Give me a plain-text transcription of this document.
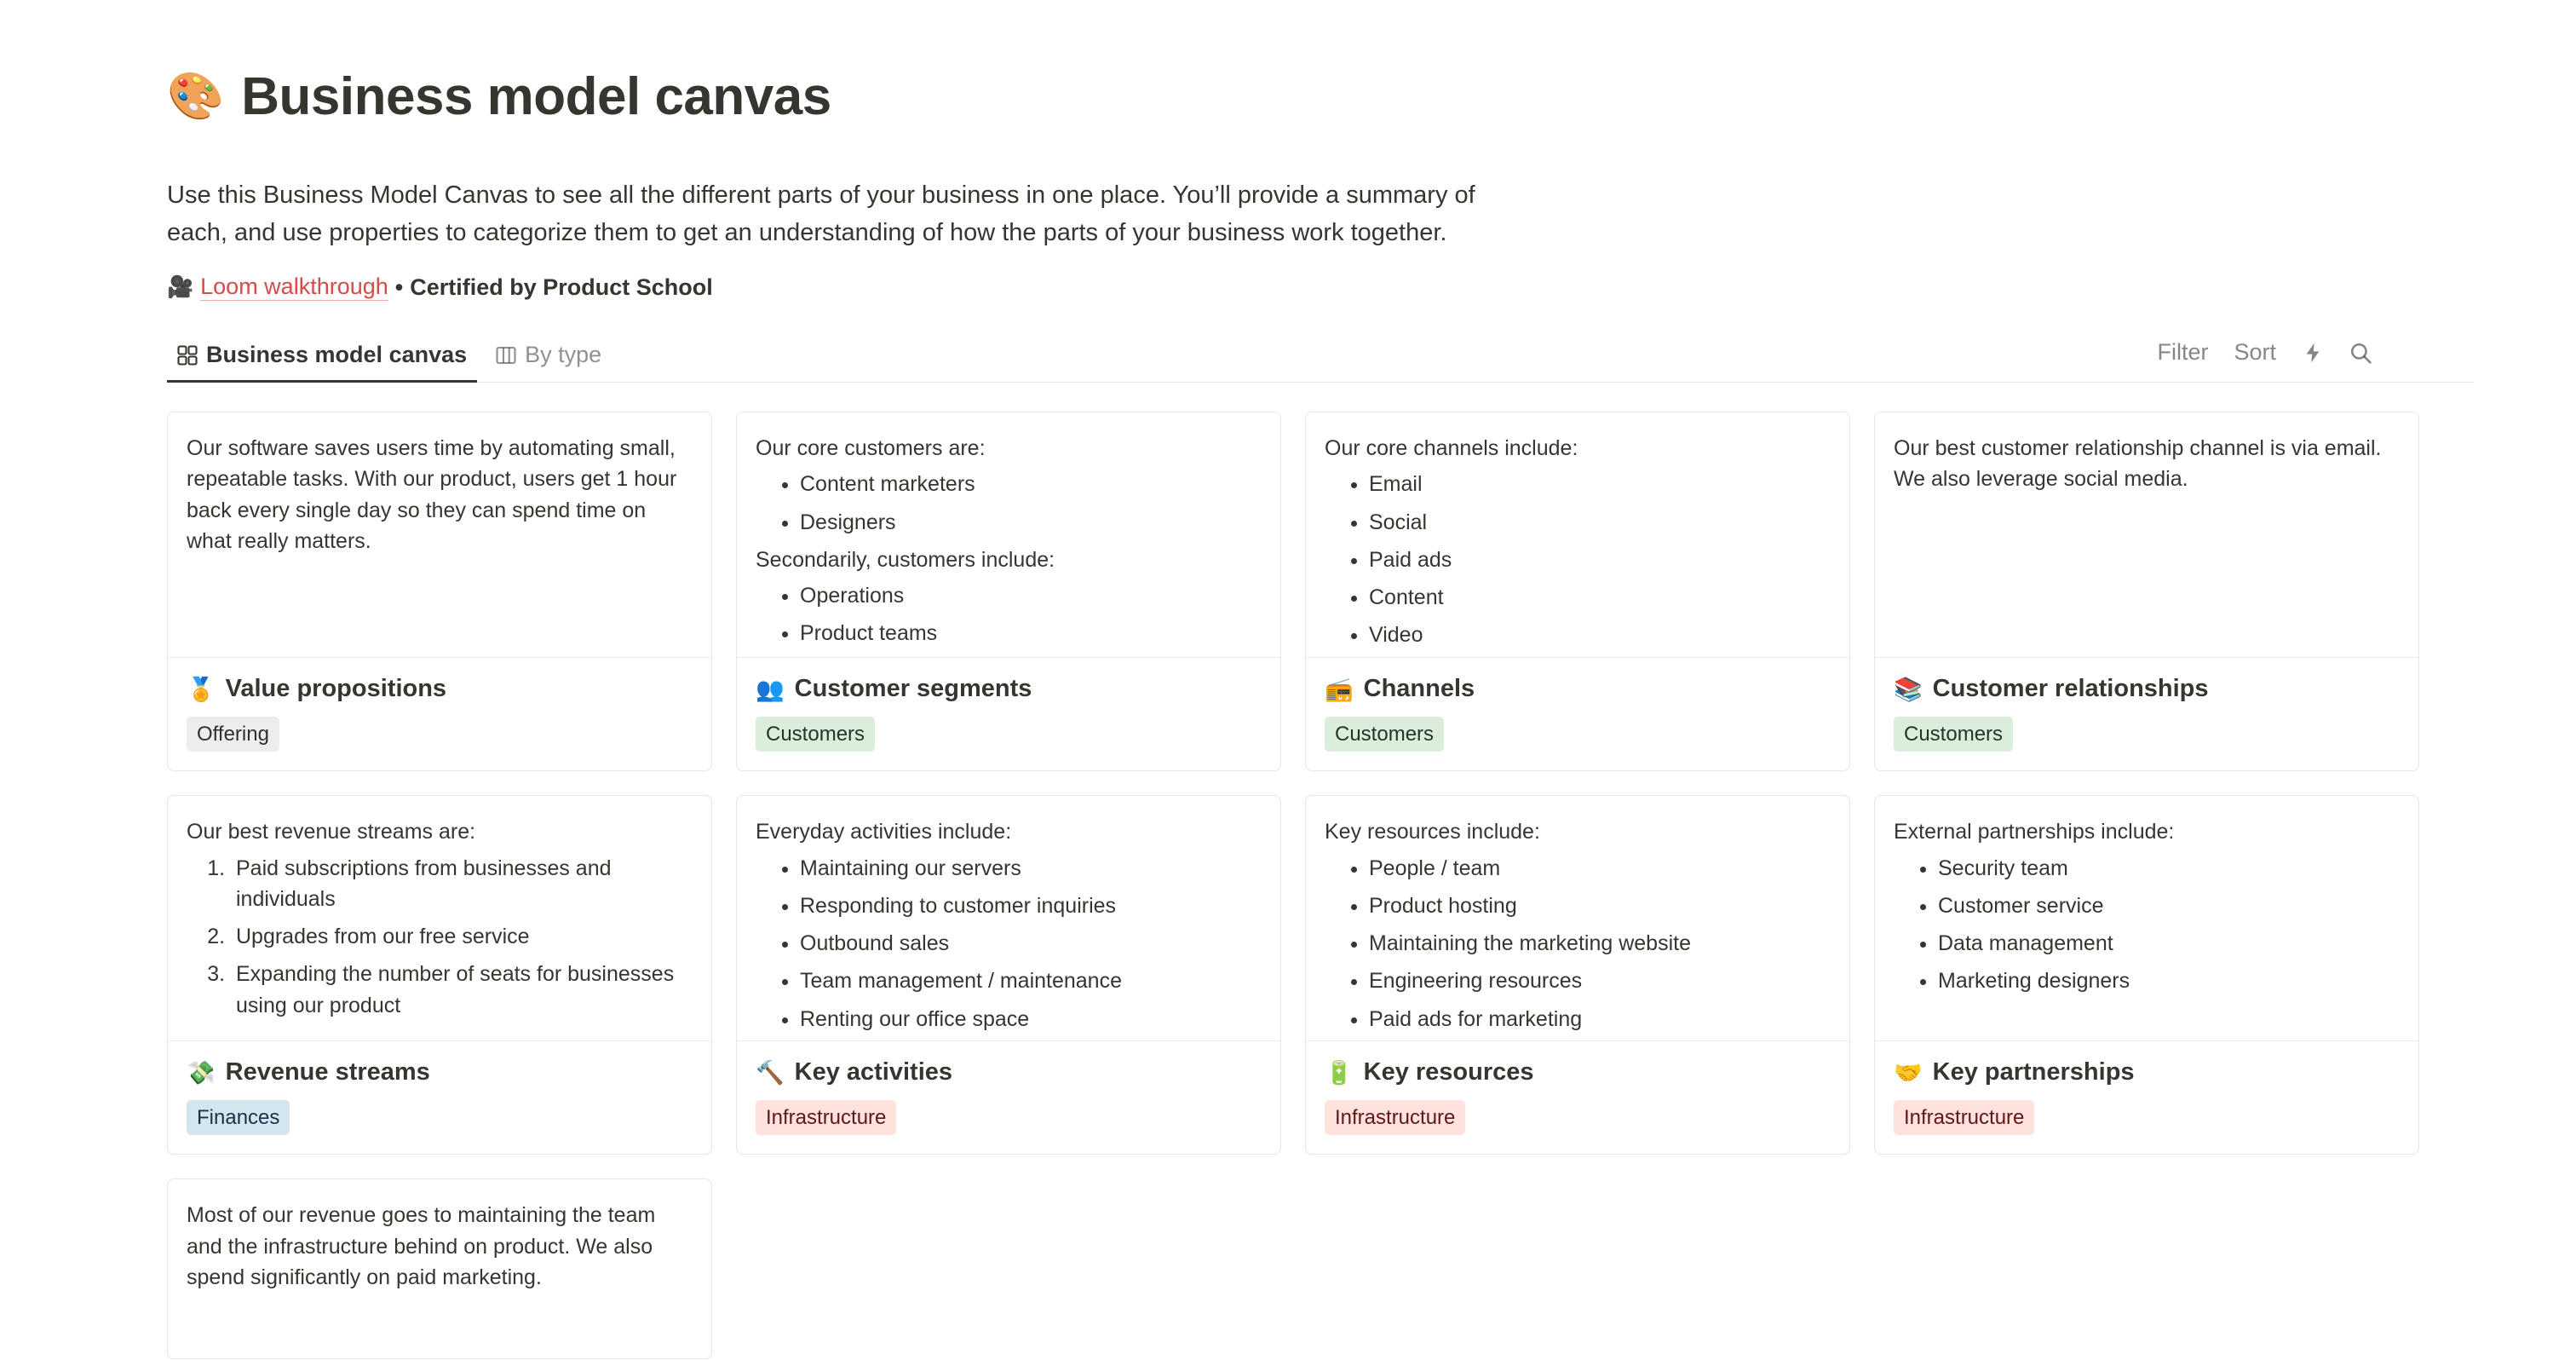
🎨 Business model canvas
Use this Business Model Canvas to see all the different parts of your business in one place. You’ll provide a summary of each, and use properties to categorize them to get an understanding of how the parts of your business work together.
🎥 Loom walkthrough • Certified by Product School
Business model canvas	By type	Filter Sort

Our software saves users time by automating small, repeatable tasks. With our product, users get 1 hour back every single day so they can spend time on what really matters.

🏅 Value propositions
Offering

Our core customers are:

• Content marketers
• Designers

Secondarily, customers include:

• Operations
• Product teams
👥 Customer segments
Customers

Our core channels include:

• Email
• Social
• Paid ads
• Content
• Video
📻 Channels
Customers

Our best customer relationship channel is via email. We also leverage social media.

📚 Customer relationships
Customers

Our best revenue streams are:

1. Paid subscriptions from businesses and individuals
2. Upgrades from our free service
3. Expanding the number of seats for businesses using our product
💸 Revenue streams
Finances

Everyday activities include:

• Maintaining our servers
• Responding to customer inquiries
• Outbound sales
• Team management / maintenance
• Renting our office space
🔨 Key activities
Infrastructure

Key resources include:

• People / team
• Product hosting
• Maintaining the marketing website
• Engineering resources
• Paid ads for marketing
🔋 Key resources
Infrastructure

External partnerships include:

• Security team
• Customer service
• Data management
• Marketing designers
🤝 Key partnerships
Infrastructure

Most of our revenue goes to maintaining the team and the infrastructure behind on product. We also spend significantly on paid marketing.
